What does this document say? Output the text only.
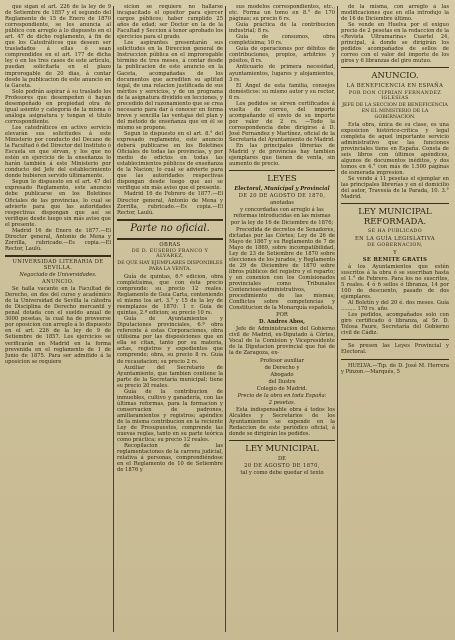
que sigan el art. 226 de la ley de 9 de Setiembre de 1857 y el segundo del Reglamento de 15 de Enero de 1870 correspondiente, se les anuncia al público con arreglo á lo dispuesto en el art. 47 de dicho reglamento, á fin de que los Catedráticos que deseen ser trasladados á ellas ó sean comprendidos en el art. 177 de dicha ley ó en los tres casos de este artículo, puedan solicitarla en el plazo improrogable de 20 dias, á contar desde la publicacion de este anuncio en la Gaceta.

Solo podrán aspirar á su traslado los Profesores que desempeñen ó hayan desempeñado en propiedad otra de igual asiento y categoría de la misma ó análoga asignatura y tengan el título correspondiente.

Los catedráticos en activo servicio elevarán sus solicitudes á este Ministerio por conducto del Decano de la Facultad ó del Director del Instituto ó Escuela en que sirvan, y los que no estén en ejercicio de la enseñanza lo harán también á este Ministerio por conducto del Jefe del establecimiento donde hubieren servido últimamente.

Segun lo dispuesto en el art. 47 del expresado Reglamento, este anuncio debe publicarse en los Boletines Oficiales de las provincias, lo cual se advierte para que las autoridades respectivas dispongan que así se verifique desde luego sin más aviso que el presente.

Madrid 16 de Enero de 1877.—El Director general, Antonio de Mena y Zorrilla, rubricado.—Es copia.—El Rector, Laulú.

UNIVERSIDAD LITERARIA DE SEVILLA.

Negociado de Universidades.

ANUNCIO.

Se halla vacante en la Facultad de Derecho, en dos del curso y académico de la Universidad de Sevilla la cátedra de Disciplina de Derecho mercantil y penal dotada con el sueldo anual de 3000 pesetas, la cual ha de proveerse por oposicion con arreglo á lo dispuesto en el art. 226 de la ley de 9 de Setiembre de 1857. Los ejercicios se verificarán en Madrid en la forma prevenida en el reglamento de 1 de Junio de 1875. Para ser admitido á la oposicion se requiere

sicion se requiere no hallarse incapacitado el opositor para ejercer cargos públicos; haber cumplido 25 años de edad; ser Doctor en la de la Facultad y Seccion á tenor aprobado los ejercicios para el grado.

Los aspirantes presentarán sus solicitudes en la Direccion general de Instruccion pública en el improrogable término de tres meses, á contar desde la publicacion de este anuncio en la Gaceta, acompañadas de los documentos que acrediten su aptitud legal, de una relacion justificada de sus méritos y servicios, y de un programa de la asignatura dividido en lecciones, y precedido del razonamiento que se crea necesario para dar á conocer en forma breve y sencilla las ventajas del plan y del método de enseñanza que en él se mismo se propone.

Segun lo dispuesto en el art. 8.° del expresado reglamento, este anuncio deberá publicarse en los Boletines Oficiales de todas las provincias, y por medio de edictos en todas las establecimientos públicos de enseñanza de la Nacion; lo cual se advierte para que las autoridades respectivas dispongan desde luego que así se verifique sin más aviso que el presente.

Madrid 16 de Febrero de 1877.—El Director general, Antonio de Mena y Zorrilla, rubricado.—Es copia.—El Rector, Laulú.

Parte no oficial.

OBRAS

DE D. EUSEBIO FRANCO Y ÁLVAREZ,

DE QUE HAY EJEMPLARES DISPONIBLES PARA LA VENTA.

Guía de quintas, 6.ª edicion, obra completísima, que con ésta precio comprende: su precio 12 reales. Reglamento de Guía Carta, conteniendo el mismo los art. 3.° y 15 de la ley de reemplazos de 1870: 1 r. Guía de quintas, 2.ª edicion; su precio 10 rs.

Guía de Ayuntamientos y Diputaciones provinciales, 6.ª obra referente á estas Corporaciones, obra útilísima por las disposiciones que en ella se citan, tanto por su materia, actas, registros y expedientes que comprende; obra, su precio 8 rs. Guía de recaudacion; su precio 2 rs.

Auxiliar del Secretario de Ayuntamiento, que tambien contiene la parte de la Secretaría municipal; tiene su precio 20 reales.

Guía de la contribucion de inmuebles, cultivo y ganadería, con las últimas reformas, para la formacion y conservacion de padrones, amillaramientos y registros; apéndice de la misma contribucion en la reciente Ley de Presupuestos, comprende las nuevas reglas, tanto en su parte teórica como práctica; su precio 12 reales.

Recopilacion de las reglamentaciones de la carrera judicial, relativa á personas, comprendiéndose en el Reglamento de 10 de Setiembre de 1876 y

sus modelos correspondientes, etc., etc. Forma un tomo en 8.° de 170 páginas; su precio 6 rs.

Guía práctica de la contribucion industrial; 8 rs.

Guía de consumos, obra completísima; 10 rs.

Guía de operaciones por débitos de contribuciones, propios, arbitrios y pósitos, 8 rs.

Anticuario de primera necesidad, ayuntamientos, lugares y alojamientos, 3 rs.

El Ángel de esta familia, consejos domésticos: su mismo autor y su rector, 6 rs.

Los pedidos se sirven certificados á vuelta de correo, del importe acompañando el envío de su importe por valor de 2 rs. —Todo la correspondencia debe dirigirse á D. José Fernandez y Martínez, oficial de la Secretaría del Ayuntamiento de Madrid.

En las principales librerías de Madrid y de provincias hay tambien ejemplares que tienen de venta, sin aumento de precio.

LEYES

Electoral, Municipal y Provincial

DE 20 DE AGOSTO DE 1870,

anotadas

y concordadas con arreglo á las reformas introducidas en las mismas por la ley de 16 de Diciembre de 1876;

Precedida de decretos de Senadores, dictadas por las Córtes; Ley de 26 de Mayo de 1867 y su Reglamento de 7 de Mayo de 1869, sobre incompatibilidad, Ley de 23 de Setiembre de 1870 sobre elecciones de los jurados, y Reglamento de 29 de Diciembre de 1870 sobre libros públicos del registro y el reparto; y en conexion con los Comisionados provinciales como Tribunales Contencioso-administrativos, procedimiento de las mismas; Conflictos sobre competencias y Constitucion de la Monarquía española,

POR

D. Andres Abos,

Jefe de Administracion del Gobierno civil de Madrid, ex-Diputado á Córtes, Vocal de la Comision y Vicepresidente de la Diputacion provincial que fué de la de Zaragoza, ex-

Profesor auxiliar

de Derecho y

Abogado

del Ilustre

Colegio de Madrid.

Precio de la obra en toda España:

2 pesetas.

Esta indispensable obra á todos los Alcaldes y Secretarios de los Ayuntamientos se expende en la Redaccion de este periódico oficial, á donde se dirigirán los pedidos.

LEY MUNICIPAL

DE

20 DE AGOSTO DE 1870,

tal y como debe quedar el texto

de la misma, con arreglo á las modificaciones que en ella introdujo la de 16 de Diciembre último.

Se vende en Huelva por el exiguo precio de 2 pesetas en la redaccion de la «Revista Ultramarina» Cuartel 24, principal, á donde se dirigirán los pedidos acompañados de sellos de correo con el valor del importe de los giros y 6 libranzas del giro mutuo.

ANUNCIO.

LA BENEFICENCIA EN ESPAÑA

POR DON CIPRIAN FERNANDEZ IGLESIAS

JEFE DE LA SECCION DE BENEFICENCIA EN EL MINISTERIO DE LA GOBERNACION.

Esta obra, única de su clase, es una exposicion histórico-crítica y legal completa de aquel importante servicio administrativo que las funciones provinciales tiene en España. Consta de seis libros con últimos apéndices, algunos de documentos inéditos, y dos tomos en 4.° con más de 1.500 páginas de esmerada impresion.

Se vende á 11 pesetas el ejemplar en las principales librerías y en el domicilio del autor, Travesía de la Parada, 10. 3.° Madrid.

LEY MUNICIPAL REFORMADA.

SE HA PUBLICADO

EN LA GUÍA LEGISLATIVA

DE GOBERNACION,

Y

SE REMITE GRATIS

á los Ayuntamientos que estén suscritos á la obra ó se suscriban hasta el 1.° de Febrero. Para los no suscritos, 5 reales. 4 ó 6 sellos ó libranza, 14 por 100 de descuento, pasado de dos ejemplares.

Al Boletín y del 20 é. dos meses. Guía ......... 170 rs. año.

Los pedidos, acompañados solo con giro certificado ó libranza, al Sr. D. Tolosa Faure, Secretaría del Gobierno civil de Cádiz.

Se presen las Leyes Provincial y Electoral.

HUELVA.—Tip. de D. José M. Herrera y Pinzon.—Marqués, 5
